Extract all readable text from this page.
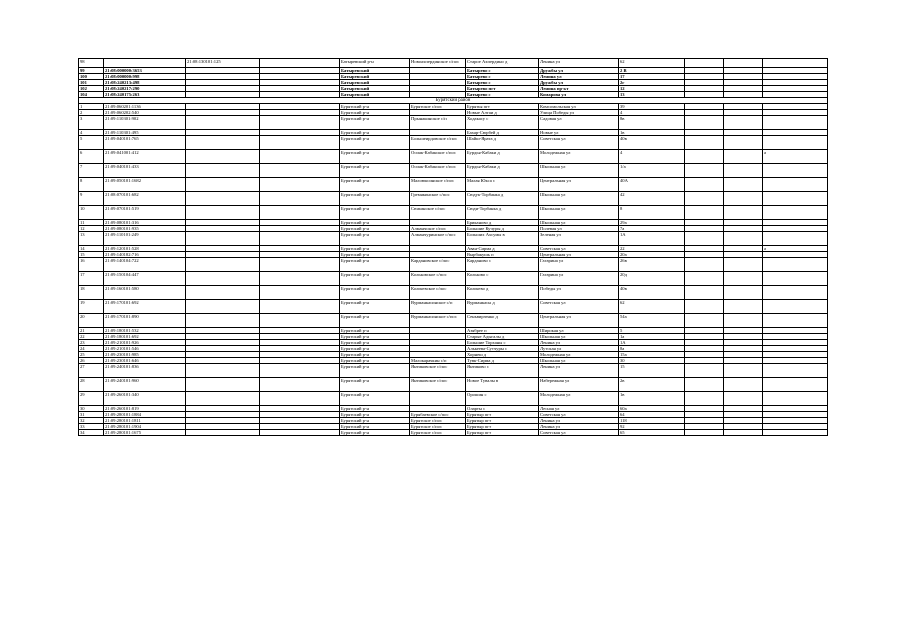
98		21:08:130101:125		Батыревский р-н	Новоахпердинское с/пос	Старое Ахпердино д	Ленина ул	62			
99	21:08:000000:3653			Батыревский		Батырево с	Дружбы ул	2 В			
100	21:08:000000:998			Батыревский		Батырево с	Ленина ул	17			
101	21:08:240213:498			Батыревский		Батырево с	Дружбы ул	2г			
102	21:08:240217:290			Батыревский		Батырево пгт	Ленина пр-кт	12			
104	21:08:240175:263			Батыревский		Батырево с	Комарова ул	13			
Бурятский район											
1	21:09:060201:1136			Бурятский р-н	Бурятское с/пос	Бурятья пгт	Комсомольская ул	39			
2	21:09:060202:540			Бурятский р-н		Новые Алтаи д	Улица Победы ул	4			
3	21:09:110301:902			Бурятский р-н	Прынакинское с/п	Ходакасу с	Садовая ул	8в			
4	21:09:110301:495			Бурятский р-н		Бахар-Сюрбей д	Новые ул	1в			
5	21:09:040101:765			Бурятский р-н	Большеирдовское с/пос	Шайш-Ярата д	Советская ул	40в			
6	21:09:041001:412			Бурятский р-н	Осиак-Кабакское с/пос	Бурдья-Кабаки д	Молодежная ул	4			а
7	21:09:040101:433			Бурятский р-н	Осиак-Кабакское с/пос	Бурдья-Кабаки д	Школьная ул	1/а			
8	21:09:050101:1682			Бурятский р-н	Малоюксинское с/пос	Малая Юкса с	Центральная ул	40А			
9	21:08:070101:682			Бурятский р-н	Гремякинское с/пос	Сюдук-Торбанка д	Школьная ул	42			
10	21:09:070101:519			Бурятский р-н	Сюжинское с/пос	Сюди-Торбанка д	Школьная ул	8			
11	21:09:080101:316			Бурятский р-н		Бриканово д	Школьная ул	29а			
12	21:09:080101:935			Бурятский р-н	Алманчское с/пос	Большие Кучуры д	Полевая ул	7а			
13	21:09:110101:249			Бурятский р-н	Алманчуринское с/пос	Больших Ахсумы в	Зеленая ул	1А			
14	21:09:120101:528			Бурятский р-н		Аван-Сирма д	Советская ул	22			а
15	21:09:140182:716			Бурятский р-н		Вырбакушь п	Центральная ул	20а			
16	21:09:140104:722			Бурятский р-н	Кардановское с/пос	Карданово с	Гагарина ул	26в			
17	21:09:150104:447			Бурятский р-н	Кольковское с/пос	Кольково с	Гагарина ул	20д			
18	21:09:160101:580			Бурятский р-н	Кольчевское с/пос	Кольчево д	Победы ул	40в			
19	21:09:170101:692			Бурятский р-н	Вурманкасинское с/п	Вурманкасы д	Советская ул	62			
20	21:09:170101:890			Бурятский р-н	Вурманкасинское с/пос	Сеньвирзенко д	Центральная ул	54а			
21	21:09:180101:532			Бурятский р-н		Азябрее п	Широкая ул	5			
22	21:09:180101:692			Бурятский р-н		Старые Адыгалы д	Школьная ул	1а			
23	21:09:210101:926			Бурятский р-н		Большие Торханы с	Ленина ул	1А			
24	21:09:210101:546			Бурятский р-н		Алькеева-Сутчуры с	Лутская ул	8а			
25	21:09:230101:985			Бурятский р-н		Хорнеш д	Молодежная ул	15а			
26	21:09:230101:646			Бурятский р-н	Малокарачкин с/п	Тувк-Сирма д	Школьная ул	30			
27	21:09:240101:836			Бурятский р-н	Янтиковское с/пос	Янтиково с	Ленина ул	15			
28	21:09:240101:960			Бурятский р-н	Янтиковское с/пос	Новое Тувалы в	Набережная ул	2в			
29	21:09:260101:340			Бурятский р-н		Орошин с	Молодежная ул	1в			
30	21:09:260101:819			Бурятский р-н		Оларты с	Лесная ул	60а			
31	21:09:280101:1884			Бурятский р-н	Бурябаевское с/пос	Бурятыр пгт	Советская ул	64			
32	21:09:280101:1811			Бурятский р-н	Бурятское с/пос	Бурятыр пгт	Ленина ул	118			
33	21:09:280101:1904			Бурятский р-н	Бурятское с/пос	Бурятыр пгт	Ленина ул	92			
34	21:09:280101:1675			Бурятский р-н	Бурятское с/пос	Бурятыр пгт	Советская ул	65			
